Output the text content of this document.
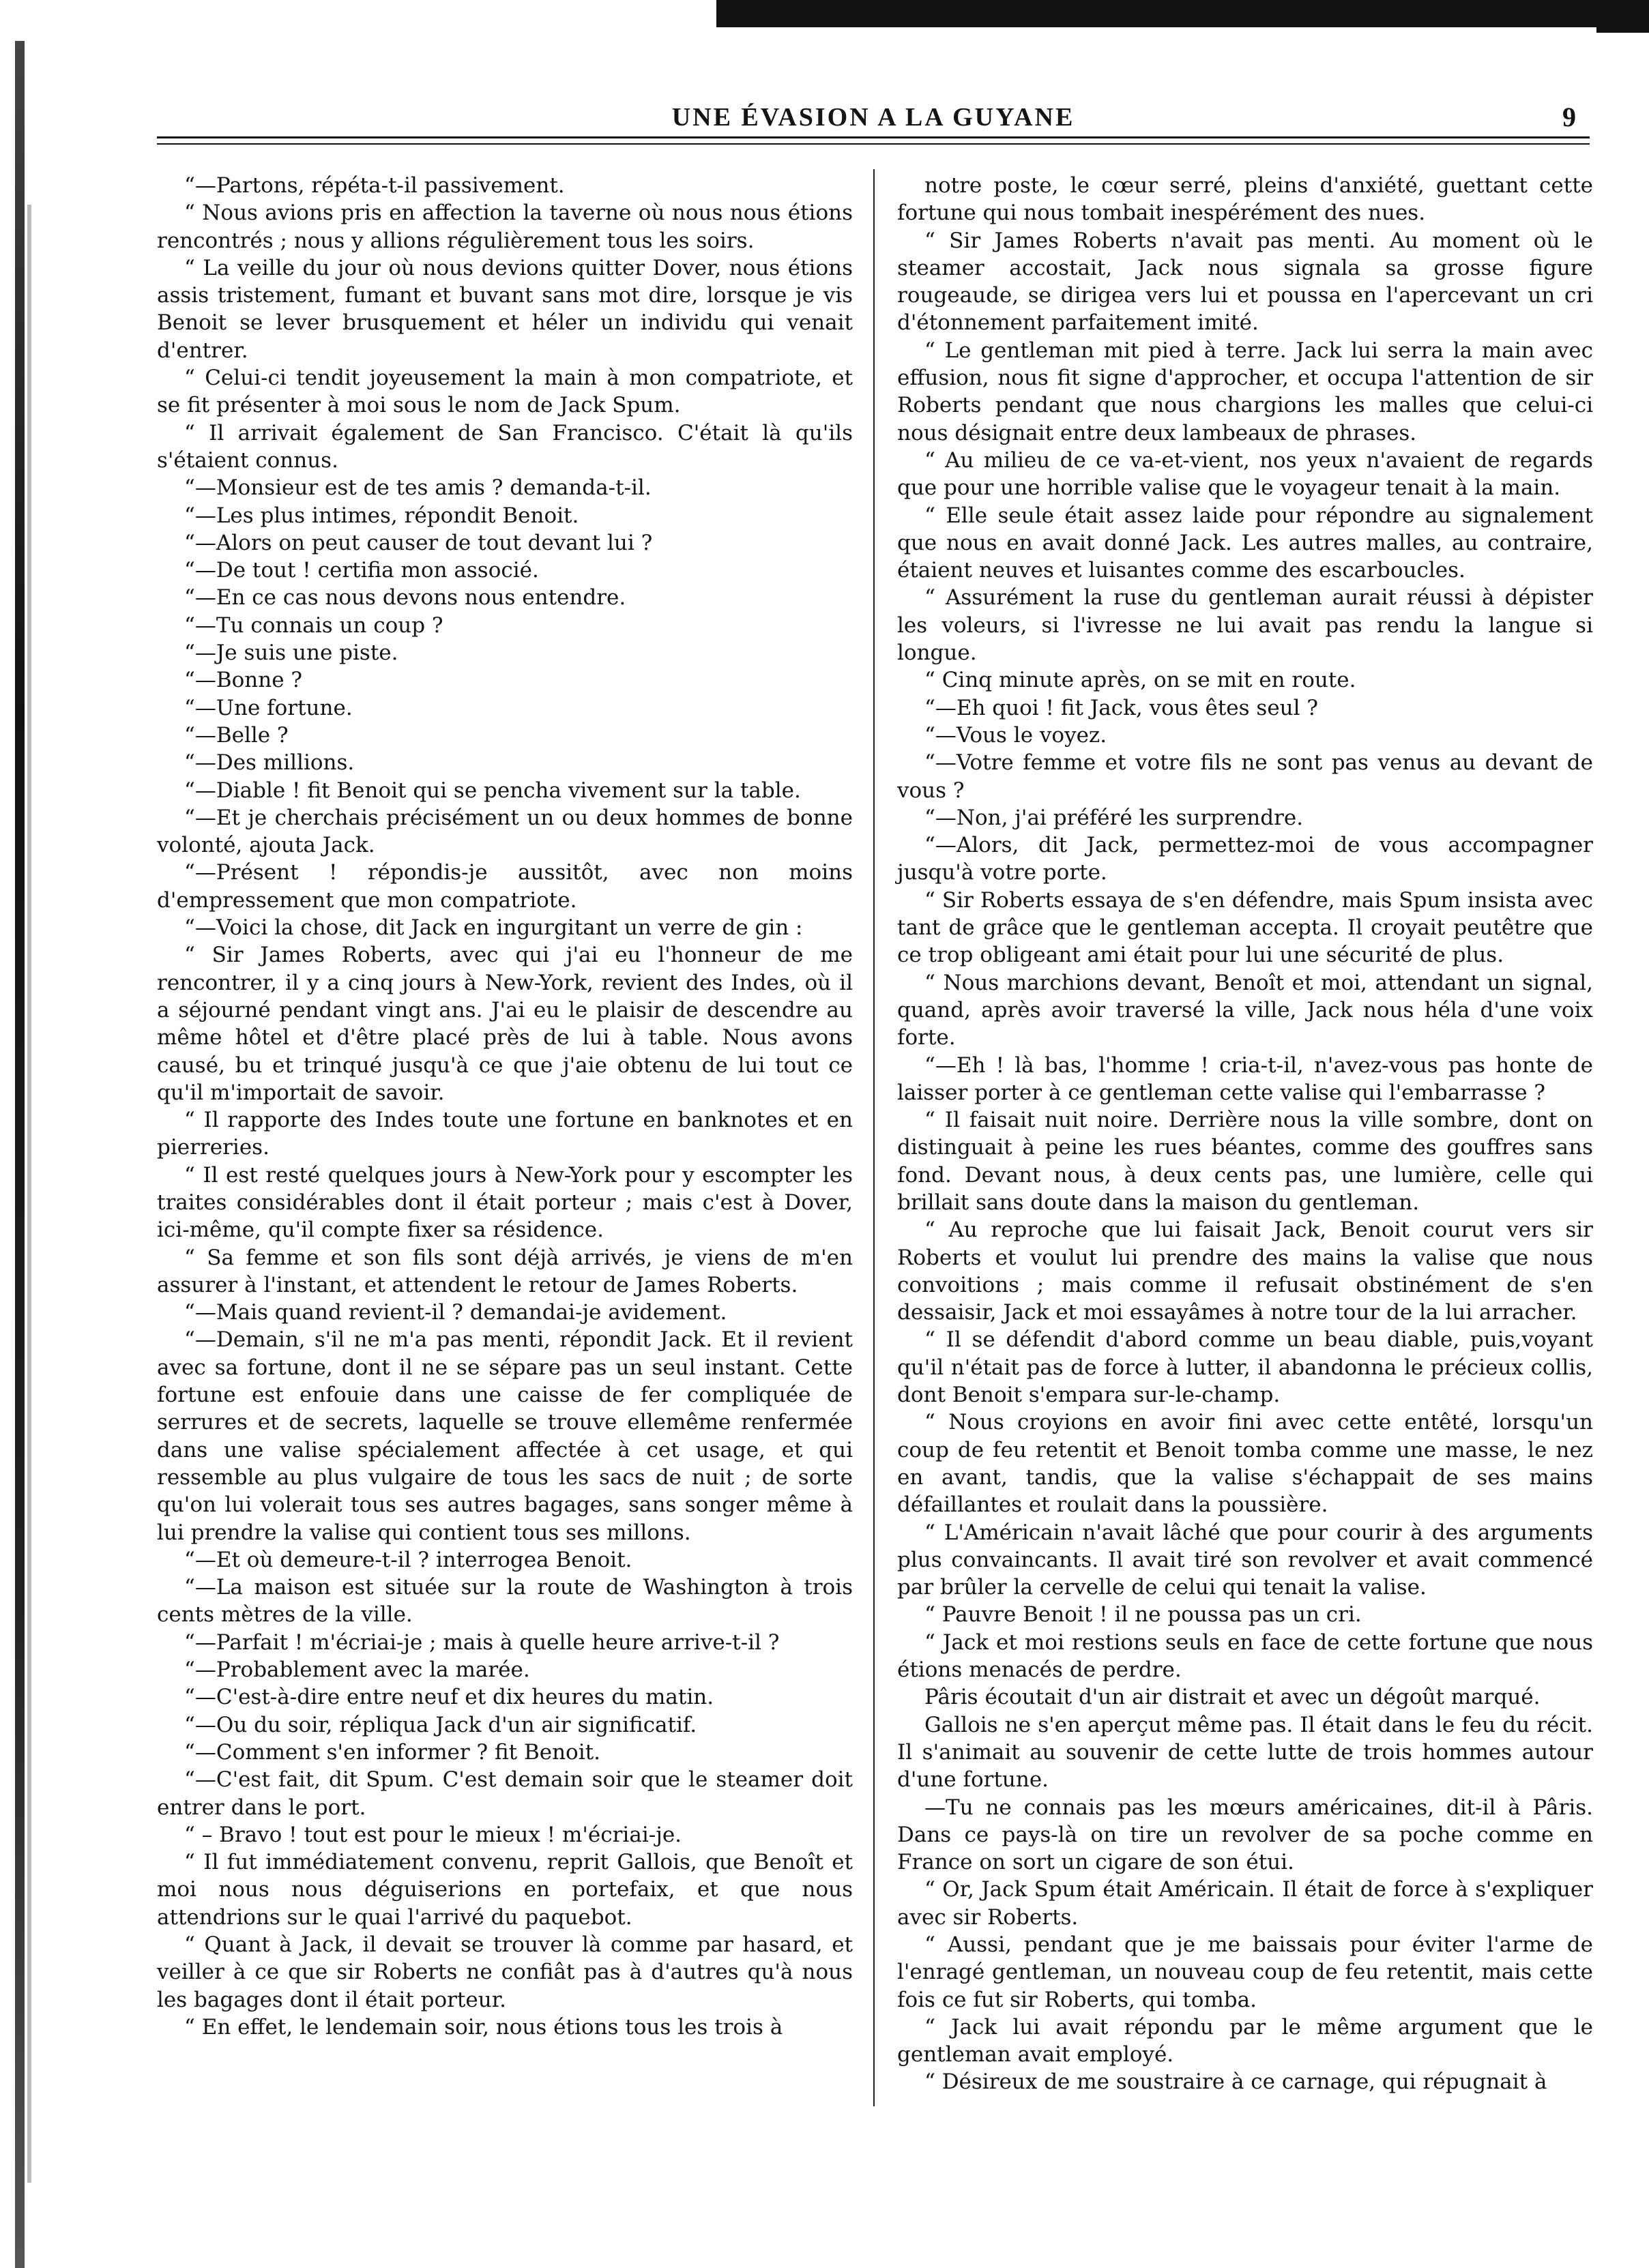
UNE ÉVASION A LA GUYANE	9

“—Partons, répéta-t-il passivement.

“ Nous avions pris en affection la taverne où nous nous étions rencontrés ; nous y allions régulièrement tous les soirs.

“ La veille du jour où nous devions quitter Dover, nous étions assis tristement, fumant et buvant sans mot dire, lorsque je vis Benoit se lever brusquement et héler un individu qui venait d'entrer.

“ Celui-ci tendit joyeusement la main à mon compatriote, et se fit présenter à moi sous le nom de Jack Spum.

“ Il arrivait également de San Francisco. C'était là qu'ils s'étaient connus.

“—Monsieur est de tes amis ? demanda-t-il.

“—Les plus intimes, répondit Benoit.

“—Alors on peut causer de tout devant lui ?

“—De tout ! certifia mon associé.

“—En ce cas nous devons nous entendre.

“—Tu connais un coup ?

“—Je suis une piste.

“—Bonne ?

“—Une fortune.

“—Belle ?

“—Des millions.

“—Diable ! fit Benoit qui se pencha vivement sur la table.

“—Et je cherchais précisément un ou deux hommes de bonne volonté, ajouta Jack.

“—Présent ! répondis-je aussitôt, avec non moins d'empressement que mon compatriote.

“—Voici la chose, dit Jack en ingurgitant un verre de gin :

“ Sir James Roberts, avec qui j'ai eu l'honneur de me rencontrer, il y a cinq jours à New-York, revient des Indes, où il a séjourné pendant vingt ans. J'ai eu le plaisir de descendre au même hôtel et d'être placé près de lui à table. Nous avons causé, bu et trinqué jusqu'à ce que j'aie obtenu de lui tout ce qu'il m'importait de savoir.

“ Il rapporte des Indes toute une fortune en banknotes et en pierreries.

“ Il est resté quelques jours à New-York pour y escompter les traites considérables dont il était porteur ; mais c'est à Dover, ici-même, qu'il compte fixer sa résidence.

“ Sa femme et son fils sont déjà arrivés, je viens de m'en assurer à l'instant, et attendent le retour de James Roberts.

“—Mais quand revient-il ? demandai-je avidement.

“—Demain, s'il ne m'a pas menti, répondit Jack. Et il revient avec sa fortune, dont il ne se sépare pas un seul instant. Cette fortune est enfouie dans une caisse de fer compliquée de serrures et de secrets, laquelle se trouve ellemême renfermée dans une valise spécialement affectée à cet usage, et qui ressemble au plus vulgaire de tous les sacs de nuit ; de sorte qu'on lui volerait tous ses autres bagages, sans songer même à lui prendre la valise qui contient tous ses millons.

“—Et où demeure-t-il ? interrogea Benoit.

“—La maison est située sur la route de Washington à trois cents mètres de la ville.

“—Parfait ! m'écriai-je ; mais à quelle heure arrive-t-il ?

“—Probablement avec la marée.

“—C'est-à-dire entre neuf et dix heures du matin.

“—Ou du soir, répliqua Jack d'un air significatif.

“—Comment s'en informer ? fit Benoit.

“—C'est fait, dit Spum. C'est demain soir que le steamer doit entrer dans le port.

“ – Bravo ! tout est pour le mieux ! m'écriai-je.

“ Il fut immédiatement convenu, reprit Gallois, que Benoît et moi nous nous déguiserions en portefaix, et que nous attendrions sur le quai l'arrivé du paquebot.

“ Quant à Jack, il devait se trouver là comme par hasard, et veiller à ce que sir Roberts ne confiât pas à d'autres qu'à nous les bagages dont il était porteur.

“ En effet, le lendemain soir, nous étions tous les trois à

notre poste, le cœur serré, pleins d'anxiété, guettant cette fortune qui nous tombait inespérément des nues.

“ Sir James Roberts n'avait pas menti. Au moment où le steamer accostait, Jack nous signala sa grosse figure rougeaude, se dirigea vers lui et poussa en l'apercevant un cri d'étonnement parfaitement imité.

“ Le gentleman mit pied à terre. Jack lui serra la main avec effusion, nous fit signe d'approcher, et occupa l'attention de sir Roberts pendant que nous chargions les malles que celui-ci nous désignait entre deux lambeaux de phrases.

“ Au milieu de ce va-et-vient, nos yeux n'avaient de regards que pour une horrible valise que le voyageur tenait à la main.

“ Elle seule était assez laide pour répondre au signalement que nous en avait donné Jack. Les autres malles, au contraire, étaient neuves et luisantes comme des escarboucles.

“ Assurément la ruse du gentleman aurait réussi à dépister les voleurs, si l'ivresse ne lui avait pas rendu la langue si longue.

“ Cinq minute après, on se mit en route.

“—Eh quoi ! fit Jack, vous êtes seul ?

“—Vous le voyez.

“—Votre femme et votre fils ne sont pas venus au devant de vous ?

“—Non, j'ai préféré les surprendre.

“—Alors, dit Jack, permettez-moi de vous accompagner jusqu'à votre porte.

“ Sir Roberts essaya de s'en défendre, mais Spum insista avec tant de grâce que le gentleman accepta. Il croyait peutêtre que ce trop obligeant ami était pour lui une sécurité de plus.

“ Nous marchions devant, Benoît et moi, attendant un signal, quand, après avoir traversé la ville, Jack nous héla d'une voix forte.

“—Eh ! là bas, l'homme ! cria-t-il, n'avez-vous pas honte de laisser porter à ce gentleman cette valise qui l'embarrasse ?

“ Il faisait nuit noire. Derrière nous la ville sombre, dont on distinguait à peine les rues béantes, comme des gouffres sans fond. Devant nous, à deux cents pas, une lumière, celle qui brillait sans doute dans la maison du gentleman.

“ Au reproche que lui faisait Jack, Benoit courut vers sir Roberts et voulut lui prendre des mains la valise que nous convoitions ; mais comme il refusait obstinément de s'en dessaisir, Jack et moi essayâmes à notre tour de la lui arracher.

“ Il se défendit d'abord comme un beau diable, puis,voyant qu'il n'était pas de force à lutter, il abandonna le précieux collis, dont Benoit s'empara sur-le-champ.

“ Nous croyions en avoir fini avec cette entêté, lorsqu'un coup de feu retentit et Benoit tomba comme une masse, le nez en avant, tandis, que la valise s'échappait de ses mains défaillantes et roulait dans la poussière.

“ L'Américain n'avait lâché que pour courir à des arguments plus convaincants. Il avait tiré son revolver et avait commencé par brûler la cervelle de celui qui tenait la valise.

“ Pauvre Benoit ! il ne poussa pas un cri.

“ Jack et moi restions seuls en face de cette fortune que nous étions menacés de perdre.

Pâris écoutait d'un air distrait et avec un dégoût marqué.

Gallois ne s'en aperçut même pas. Il était dans le feu du récit. Il s'animait au souvenir de cette lutte de trois hommes autour d'une fortune.

—Tu ne connais pas les mœurs américaines, dit-il à Pâris. Dans ce pays-là on tire un revolver de sa poche comme en France on sort un cigare de son étui.

“ Or, Jack Spum était Américain. Il était de force à s'expliquer avec sir Roberts.

“ Aussi, pendant que je me baissais pour éviter l'arme de l'enragé gentleman, un nouveau coup de feu retentit, mais cette fois ce fut sir Roberts, qui tomba.

“ Jack lui avait répondu par le même argument que le gentleman avait employé.

“ Désireux de me soustraire à ce carnage, qui répugnait à
